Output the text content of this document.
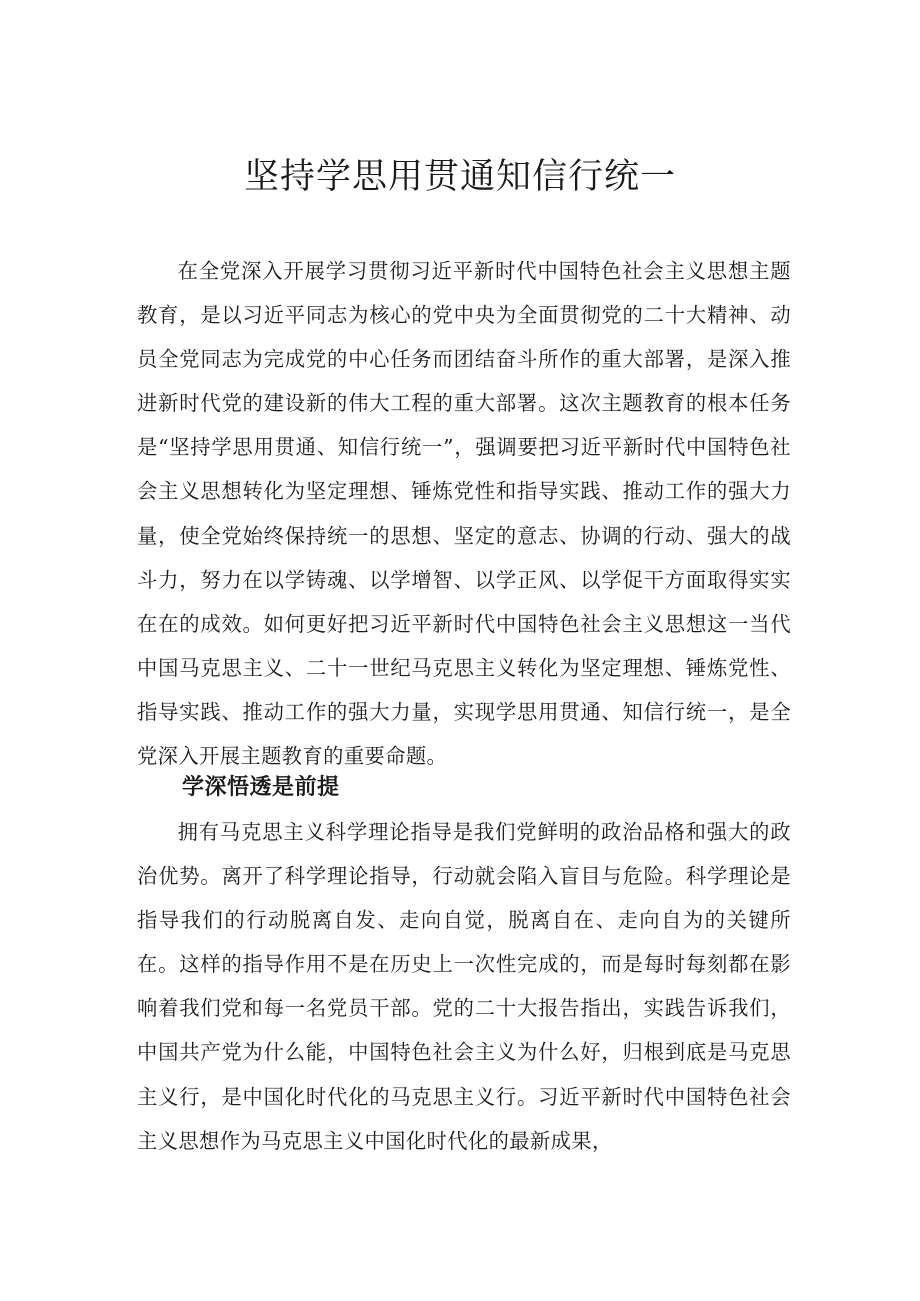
坚持学思用贯通知信行统一

在全党深入开展学习贯彻习近平新时代中国特色社会主义思想主题教育，是以习近平同志为核心的党中央为全面贯彻党的二十大精神、动员全党同志为完成党的中心任务而团结奋斗所作的重大部署，是深入推进新时代党的建设新的伟大工程的重大部署。这次主题教育的根本任务是“坚持学思用贯通、知信行统一”，强调要把习近平新时代中国特色社会主义思想转化为坚定理想、锤炼党性和指导实践、推动工作的强大力量，使全党始终保持统一的思想、坚定的意志、协调的行动、强大的战斗力，努力在以学铸魂、以学增智、以学正风、以学促干方面取得实实在在的成效。如何更好把习近平新时代中国特色社会主义思想这一当代中国马克思主义、二十一世纪马克思主义转化为坚定理想、锤炼党性、指导实践、推动工作的强大力量，实现学思用贯通、知信行统一，是全党深入开展主题教育的重要命题。

学深悟透是前提

拥有马克思主义科学理论指导是我们党鲜明的政治品格和强大的政治优势。离开了科学理论指导，行动就会陷入盲目与危险。科学理论是指导我们的行动脱离自发、走向自觉，脱离自在、走向自为的关键所在。这样的指导作用不是在历史上一次性完成的，而是每时每刻都在影响着我们党和每一名党员干部。党的二十大报告指出，实践告诉我们，中国共产党为什么能，中国特色社会主义为什么好，归根到底是马克思主义行，是中国化时代化的马克思主义行。习近平新时代中国特色社会主义思想作为马克思主义中国化时代化的最新成果，
